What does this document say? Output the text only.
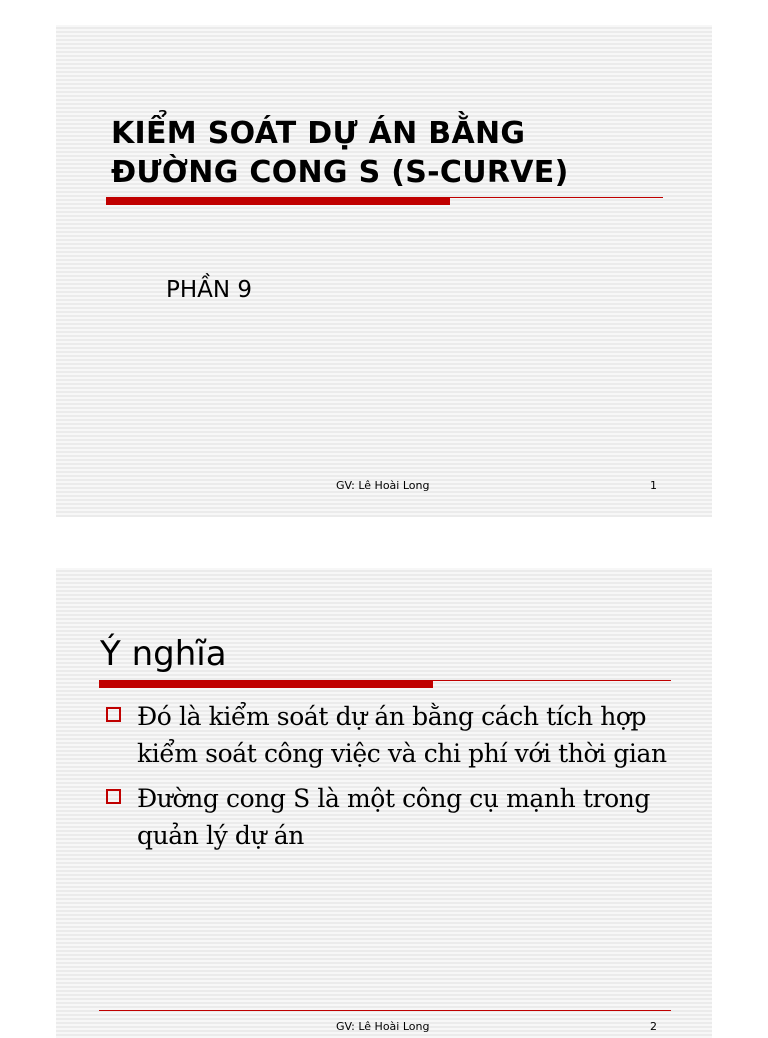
KIỂM SOÁT DỰ ÁN BẰNG
ĐƯỜNG CONG S (S-CURVE)
PHẦN 9
GV: Lê Hoài Long	1
Ý nghĩa
Đó là kiểm soát dự án bằng cách tích hợp kiểm soát công việc và chi phí với thời gian
Đường cong S là một công cụ mạnh trong quản lý dự án
GV: Lê Hoài Long	2
